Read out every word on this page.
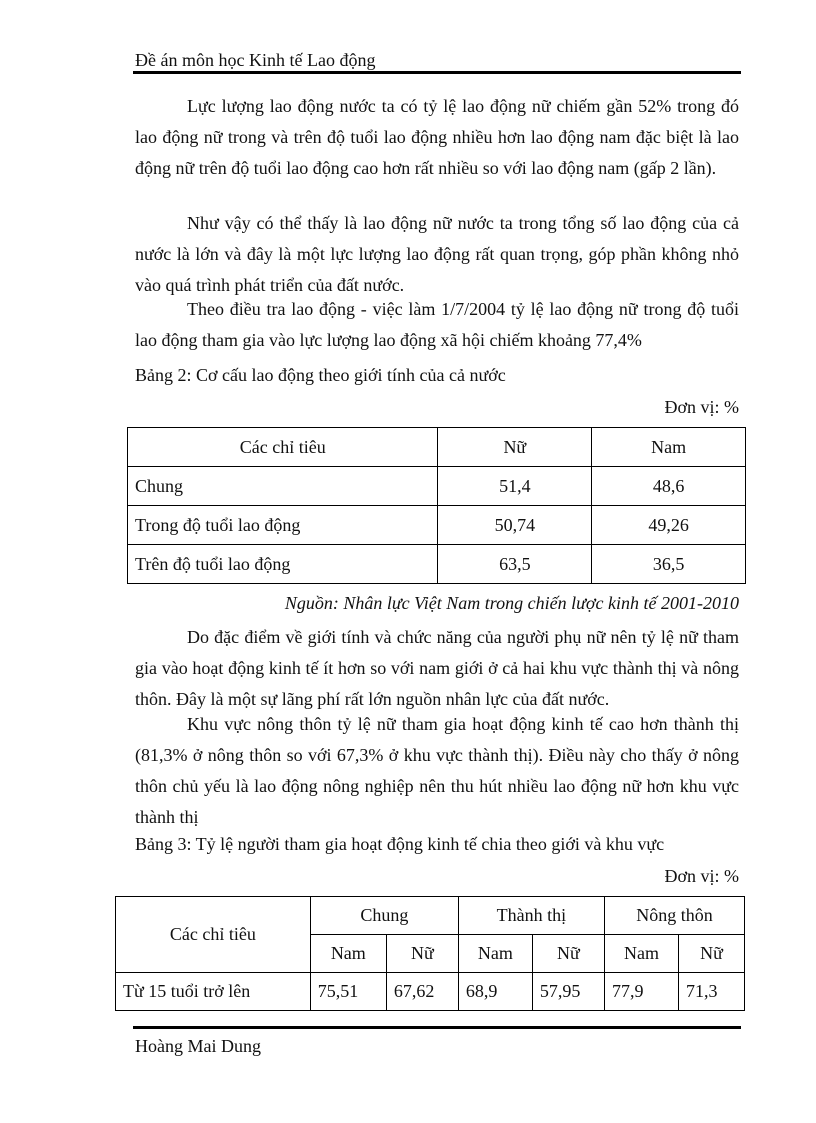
Đề án môn học Kinh tế Lao động

Lực lượng lao động nước ta có tỷ lệ lao động nữ chiếm gần 52% trong đó lao động nữ trong và trên độ tuổi lao động nhiều hơn lao động nam đặc biệt là lao động nữ trên độ tuổi lao động cao hơn rất nhiều so với lao động nam (gấp 2 lần).

Như vậy có thể thấy là lao động nữ nước ta trong tổng số lao động của cả nước là lớn và đây là một lực lượng lao động rất quan trọng, góp phần không nhỏ vào quá trình phát triển của đất nước.

Theo điều tra lao động - việc làm 1/7/2004 tỷ lệ lao động nữ trong độ tuổi lao động tham gia vào lực lượng lao động xã hội chiếm khoảng 77,4%

Bảng 2: Cơ cấu lao động theo giới tính của cả nước
Đơn vị: %
Các chỉ tiêu	Nữ	Nam
Chung	51,4	48,6
Trong độ tuổi lao động	50,74	49,26
Trên độ tuổi lao động	63,5	36,5
Nguồn: Nhân lực Việt Nam trong chiến lược kinh tế 2001-2010

Do đặc điểm về giới tính và chức năng của người phụ nữ nên tỷ lệ nữ tham gia vào hoạt động kinh tế ít hơn so với nam giới ở cả hai khu vực thành thị và nông thôn. Đây là một sự lãng phí rất lớn nguồn nhân lực của đất nước.

Khu vực nông thôn tỷ lệ nữ tham gia hoạt động kinh tế cao hơn thành thị (81,3% ở nông thôn so với 67,3% ở khu vực thành thị). Điều này cho thấy ở nông thôn chủ yếu là lao động nông nghiệp nên thu hút nhiều lao động nữ hơn khu vực thành thị

Bảng 3: Tỷ lệ người tham gia hoạt động kinh tế chia theo giới và khu vực
Đơn vị: %
Các chỉ tiêu	Chung		Thành thị		Nông thôn	
	Nam	Nữ	Nam	Nữ	Nam	Nữ
Từ 15 tuổi trở lên	75,51	67,62	68,9	57,95	77,9	71,3
Hoàng Mai Dung
